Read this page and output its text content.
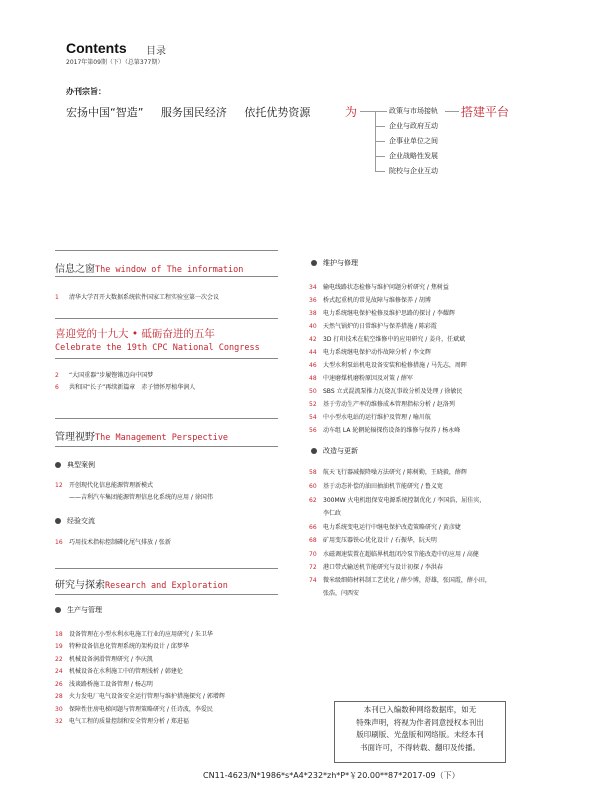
Contents 目录
2017年第09期（下）（总第377期）
办刊宗旨：
宏扬中国“智造” 服务国民经济 依托优势资源	为	政策与市场接轨
企业与政府互动
企事业单位之间
企业战略性发展
院校与企业互动
搭建平台
信息之窗The window of The information
1 清华大学召开大数据系统软件国家工程实验室第一次会议
喜迎党的十九大 • 砥砺奋进的五年
Celebrate the 19th CPC National Congress
2 “大国重器”步履铿锵迈向中国梦
6 共和国“长子”再续新篇章　赤子情怀厚植华润人
管理视野The Management Perspective
典型案例
12 开创现代化信息能源管理新模式
——吉利汽车集团能源管理信息化系统的应用 / 徐国伟
经验交流
16 巧用技术指标控制磷化尾气排放 / 张新
研究与探索Research and Exploration
生产与管理
18 设备管理在小型水利水电施工行业的应用研究 / 朱卫华
19 特种设备信息化管理系统的架构设计 / 邱梦华
22 机械设备润滑管理研究 / 李庆凯
24 机械设备在水利施工中的管理浅析 / 韩建伦
26 浅谈路桥施工设备管理 / 杨志明
28 火力发电厂电气设备安全运行管理与维护措施探究 / 郭增辉
30 保障性住房电梯问题与管理策略研究 / 任诗波，李爱民
32 电气工程的质量控制和安全管理分析 / 郑进福
维护与修理
34 输电线路状态检修与维护问题分析研究 / 焦树益
36 桥式起重机的常见故障与维修保养 / 胡博
38 电力系统继电保护检修及维护思路的探讨 / 李耀辉
40 天然气锅炉的日常维护与保养措施 / 陈彩霞
42 3D 打印技术在航空维修中的应用研究 / 姜舟，任斌斌
44 电力系统继电保护动作故障分析 / 李文辉
46 大型水利泵站机电设备安装和检修措施 / 马先志，周晖
48 中速磨煤机磨粉原因及对策 / 薛军
50 SBS 立式混流泵推力瓦烧瓦事故分析及处理 / 徐敏民
52 基于劳动生产率的维修成本管理指标分析 / 赵洛列
54 中小型水电站的运行维护及管理 / 喻川航
56 动车组 LA 轮辋轮辐探伤设备的维修与保养 / 杨永峰
改造与更新
58 航天飞行器减振降噪方法研究 / 陈树勤，王晓毅，薛辉
60 基于动态补偿的油田抽油机节能研究 / 鲁义宽
62 300MW 火电机组保安电源系统控制优化 / 李国浩，屈佳宾，
李仁政
66 电力系统变电运行中继电保护改造策略研究 / 黄彦婕
68 矿用变压器铁心优化设计 / 石振华，阮天明
70 水磁调速装置在超临界机组闭冷泵节能改造中的应用 / 高健
72 港口带式输送机节能研究与设计初探 / 李洪春
74 微米级细筛材料制工艺优化 / 薛少博，舒雄，张国霞，薛小田，
张浩，闫西安
本刊已入编数种网络数据库，如无
特殊声明，将视为作者同意授权本刊出
版印刷版、光盘版和网络版。未经本刊
书面许可，不得转载、翻印及传播。
CN11-4623/N*1986*s*A4*232*zh*P*￥20.00**87*2017-09（下）
